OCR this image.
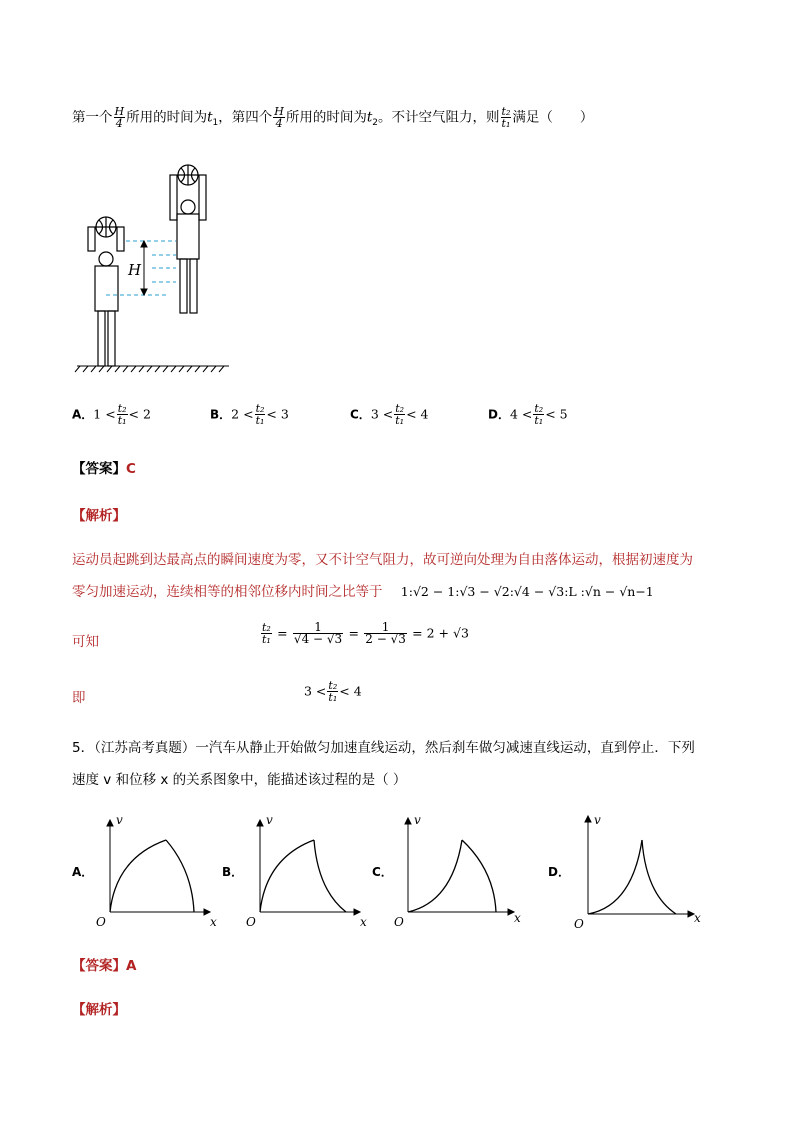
第一个 $\frac{H}{4}$ 所用的时间为$t_1$，第四个 $\frac{H}{4}$ 所用的时间为$t_2$。不计空气阻力，则 $\frac{\text{t₂}}{\text{t₁}}$ 满足（　　）
H
A．$1 < \frac{\text{t₂}}{\text{t₁}} < 2$	B．$2 < \frac{\text{t₂}}{\text{t₁}} < 3$	C．$3 < \frac{\text{t₂}}{\text{t₁}} < 4$	D．$4 < \frac{\text{t₂}}{\text{t₁}} < 5$
【答案】C
【解析】
运动员起跳到达最高点的瞬间速度为零，又不计空气阻力，故可逆向处理为自由落体运动，根据初速度为
零匀加速运动，连续相等的相邻位移内时间之比等于 1:√2 − 1:√3 − √2:√4 − √3:L :√n − √n−1
可知	$\frac{\text{t₂}}{\text{t₁}} = \frac{1}{√4 - √3} = \frac{1}{2 - √3} = 2 + √3$
即	$3 < \frac{\text{t₂}}{\text{t₁}} < 4$
5．（江苏高考真题）一汽车从静止开始做匀加速直线运动，然后刹车做匀减速直线运动，直到停止．下列
速度 v 和位移 x 的关系图象中，能描述该过程的是（ ）
A．
v
x
O
B．
v
x
O
C．
v
x
O
D．
v
x
O
【答案】A
【解析】
